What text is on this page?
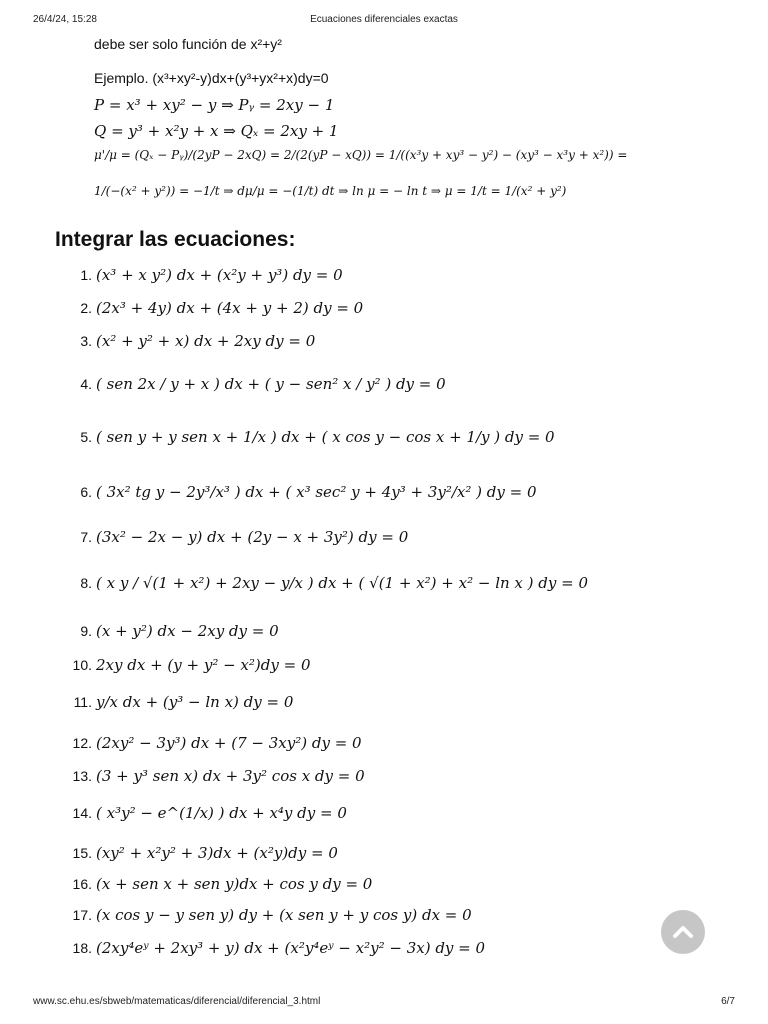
26/4/24, 15:28	Ecuaciones diferenciales exactas
debe ser solo función de x²+y²
Ejemplo. (x³+xy²-y)dx+(y³+yx²+x)dy=0
P = x³ + xy² − y ⇒ Pᵧ = 2xy − 1
Q = y³ + x²y + x ⇒ Qₓ = 2xy + 1
μ'/μ = (Qₓ − Pᵧ)/(2yP − 2xQ) = 2/(2(yP − xQ)) = 1/((x³y + xy³ − y²) − (xy³ − x³y + x²)) =
1/(−(x² + y²)) = −1/t ⇒ dμ/μ = −(1/t) dt ⇒ ln μ = − ln t ⇒ μ = 1/t = 1/(x² + y²)
Integrar las ecuaciones:
1. (x³ + x y²) dx + (x²y + y³) dy = 0
2. (2x³ + 4y) dx + (4x + y + 2) dy = 0
3. (x² + y² + x) dx + 2xy dy = 0
4. ( sen 2x / y + x ) dx + ( y − sen² x / y² ) dy = 0
5. ( sen y + y sen x + 1/x ) dx + ( x cos y − cos x + 1/y ) dy = 0
6. ( 3x² tg y − 2y³/x³ ) dx + ( x³ sec² y + 4y³ + 3y²/x² ) dy = 0
7. (3x² − 2x − y) dx + (2y − x + 3y²) dy = 0
8. ( x y / √(1 + x²) + 2xy − y/x ) dx + ( √(1 + x²) + x² − ln x ) dy = 0
9. (x + y²) dx − 2xy dy = 0
10. 2xy dx + (y + y² − x²)dy = 0
11. y/x dx + (y³ − ln x) dy = 0
12. (2xy² − 3y³) dx + (7 − 3xy²) dy = 0
13. (3 + y³ sen x) dx + 3y² cos x dy = 0
14. ( x³y² − e^(1/x) ) dx + x⁴y dy = 0
15. (xy² + x²y² + 3)dx + (x²y)dy = 0
16. (x + sen x + sen y)dx + cos y dy = 0
17. (x cos y − y sen y) dy + (x sen y + y cos y) dx = 0
18. (2xy⁴eʸ + 2xy³ + y) dx + (x²y⁴eʸ − x²y² − 3x) dy = 0
www.sc.ehu.es/sbweb/matematicas/diferencial/diferencial_3.html	6/7
